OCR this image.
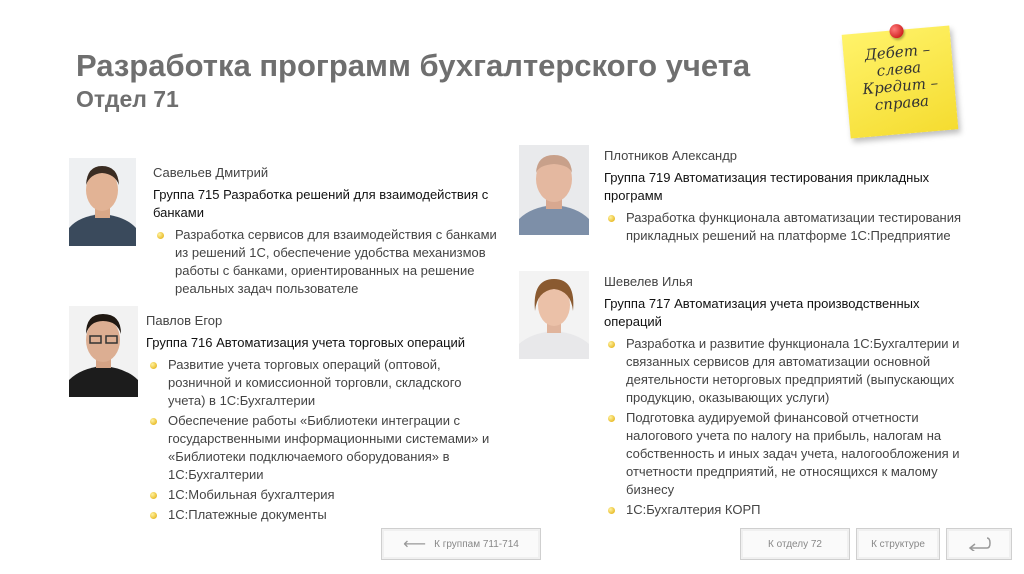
Разработка программ бухгалтерского учета
Отдел 71
Дебет –
слева
Кредит –
справа
Савельев Дмитрий
Группа 715 Разработка решений для взаимодействия с банками
Разработка сервисов для взаимодействия с банками из решений 1С, обеспечение удобства механизмов работы с банками, ориентированных на решение реальных задач пользователе
Павлов Егор
Группа 716 Автоматизация учета торговых операций
Развитие учета торговых операций (оптовой, розничной и комиссионной торговли, складского учета) в 1С:Бухгалтерии
Обеспечение работы «Библиотеки интеграции с государственными информационными системами» и «Библиотеки подключаемого оборудования» в 1С:Бухгалтерии
1С:Мобильная бухгалтерия
1С:Платежные документы
Плотников Александр
Группа 719 Автоматизация тестирования прикладных программ
Разработка функционала автоматизации тестирования прикладных решений на платформе 1С:Предприятие
Шевелев Илья
Группа 717 Автоматизация учета производственных операций
Разработка и развитие функционала 1С:Бухгалтерии и связанных сервисов для автоматизации основной деятельности неторговых предприятий (выпускающих продукцию, оказывающих услуги)
Подготовка аудируемой финансовой отчетности налогового учета по налогу на прибыль, налогам на собственность и иных задач учета, налогообложения и отчетности предприятий, не относящихся к малому бизнесу
1С:Бухгалтерия КОРП
⟵ К группам 711-714	К отделу 72	К структуре
